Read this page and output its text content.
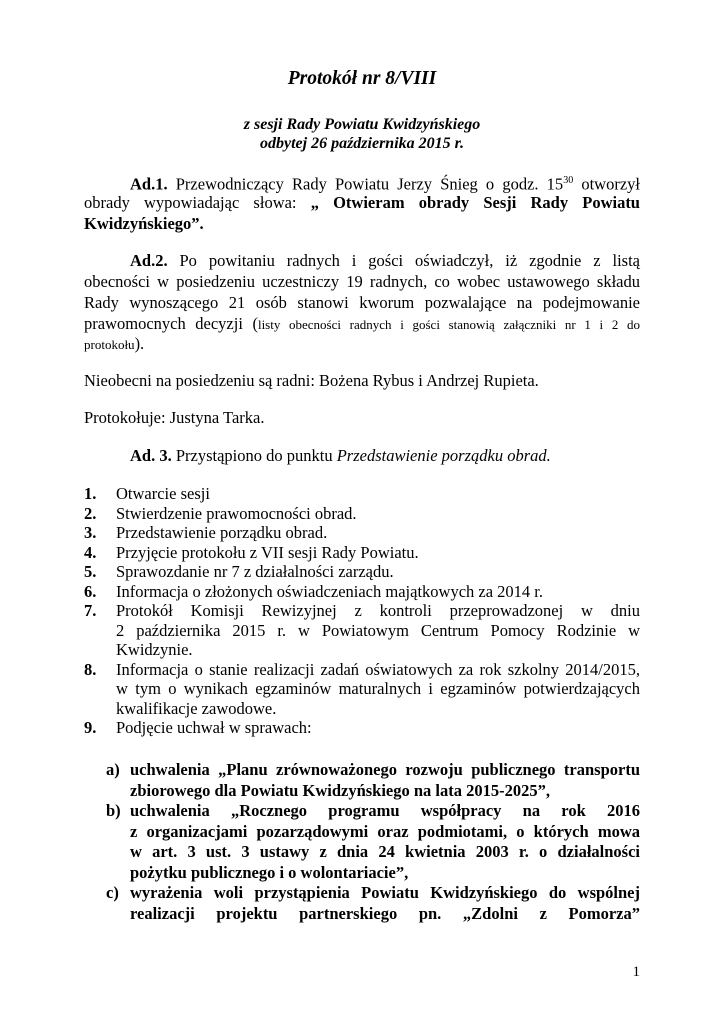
Protokół nr 8/VIII
z sesji Rady Powiatu Kwidzyńskiego
odbytej 26 października 2015 r.
Ad.1. Przewodniczący Rady Powiatu Jerzy Śnieg o godz. $15^{30}$ otworzył
obrady wypowiadając słowa: „ Otwieram obrady Sesji Rady Powiatu
Kwidzyńskiego”.
Ad.2. Po powitaniu radnych i gości oświadczył, iż zgodnie z listą
obecności w posiedzeniu uczestniczy 19 radnych, co wobec ustawowego składu
Rady wynoszącego 21 osób stanowi kworum pozwalające na podejmowanie
prawomocnych decyzji (listy obecności radnych i gości stanowią załączniki nr 1 i 2 do
protokołu).
Nieobecni na posiedzeniu są radni: Bożena Rybus i Andrzej Rupieta.
Protokołuje: Justyna Tarka.
Ad. 3. Przystąpiono do punktu Przedstawienie porządku obrad.
1. Otwarcie sesji
2. Stwierdzenie prawomocności obrad.
3. Przedstawienie porządku obrad.
4. Przyjęcie protokołu z VII sesji Rady Powiatu.
5. Sprawozdanie nr 7 z działalności zarządu.
6. Informacja o złożonych oświadczeniach majątkowych za 2014 r.
7. Protokół Komisji Rewizyjnej z kontroli przeprowadzonej w dniu
2 października 2015 r. w Powiatowym Centrum Pomocy Rodzinie w
Kwidzynie.
8. Informacja o stanie realizacji zadań oświatowych za rok szkolny 2014/2015,
w tym o wynikach egzaminów maturalnych i egzaminów potwierdzających
kwalifikacje zawodowe.
9. Podjęcie uchwał w sprawach:
a) uchwalenia „Planu zrównoważonego rozwoju publicznego transportu
zbiorowego dla Powiatu Kwidzyńskiego na lata 2015-2025”,
b) uchwalenia „Rocznego programu współpracy na rok 2016
z organizacjami pozarządowymi oraz podmiotami, o których mowa
w art. 3 ust. 3 ustawy z dnia 24 kwietnia 2003 r. o działalności
pożytku publicznego i o wolontariacie”,
c) wyrażenia woli przystąpienia Powiatu Kwidzyńskiego do wspólnej
realizacji projektu partnerskiego pn. „Zdolni z Pomorza”
1
